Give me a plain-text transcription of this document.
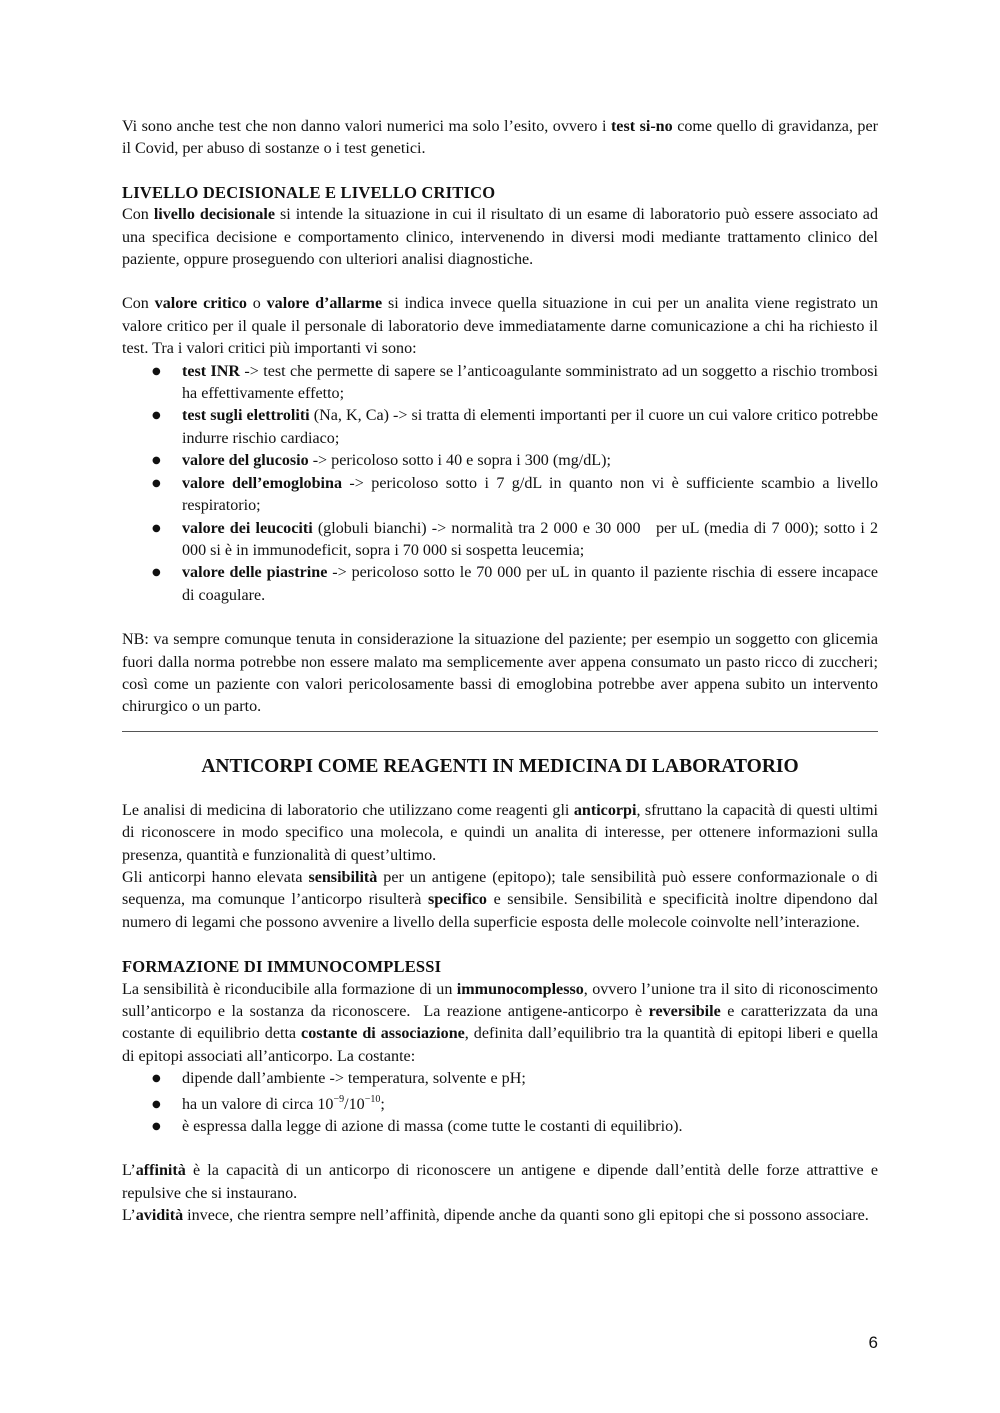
Vi sono anche test che non danno valori numerici ma solo l’esito, ovvero i test si-no come quello di gravidanza, per il Covid, per abuso di sostanze o i test genetici.

LIVELLO DECISIONALE E LIVELLO CRITICO

Con livello decisionale si intende la situazione in cui il risultato di un esame di laboratorio può essere associato ad una specifica decisione e comportamento clinico, intervenendo in diversi modi mediante trattamento clinico del paziente, oppure proseguendo con ulteriori analisi diagnostiche.

Con valore critico o valore d’allarme si indica invece quella situazione in cui per un analita viene registrato un valore critico per il quale il personale di laboratorio deve immediatamente darne comunicazione a chi ha richiesto il test. Tra i valori critici più importanti vi sono:

● test INR -> test che permette di sapere se l’anticoagulante somministrato ad un soggetto a rischio trombosi ha effettivamente effetto;
● test sugli elettroliti (Na, K, Ca) -> si tratta di elementi importanti per il cuore un cui valore critico potrebbe indurre rischio cardiaco;
● valore del glucosio -> pericoloso sotto i 40 e sopra i 300 (mg/dL);
● valore dell’emoglobina -> pericoloso sotto i 7 g/dL in quanto non vi è sufficiente scambio a livello respiratorio;
● valore dei leucociti (globuli bianchi) -> normalità tra 2 000 e 30 000   per uL (media di 7 000); sotto i 2 000 si è in immunodeficit, sopra i 70 000 si sospetta leucemia;
● valore delle piastrine -> pericoloso sotto le 70 000 per uL in quanto il paziente rischia di essere incapace di coagulare.

NB: va sempre comunque tenuta in considerazione la situazione del paziente; per esempio un soggetto con glicemia fuori dalla norma potrebbe non essere malato ma semplicemente aver appena consumato un pasto ricco di zuccheri; così come un paziente con valori pericolosamente bassi di emoglobina potrebbe aver appena subito un intervento chirurgico o un parto.

ANTICORPI COME REAGENTI IN MEDICINA DI LABORATORIO

Le analisi di medicina di laboratorio che utilizzano come reagenti gli anticorpi, sfruttano la capacità di questi ultimi di riconoscere in modo specifico una molecola, e quindi un analita di interesse, per ottenere informazioni sulla presenza, quantità e funzionalità di quest’ultimo.

Gli anticorpi hanno elevata sensibilità per un antigene (epitopo); tale sensibilità può essere conformazionale o di sequenza, ma comunque l’anticorpo risulterà specifico e sensibile. Sensibilità e specificità inoltre dipendono dal numero di legami che possono avvenire a livello della superficie esposta delle molecole coinvolte nell’interazione.

FORMAZIONE DI IMMUNOCOMPLESSI

La sensibilità è riconducibile alla formazione di un immunocomplesso, ovvero l’unione tra il sito di riconoscimento sull’anticorpo e la sostanza da riconoscere.  La reazione antigene-anticorpo è reversibile e caratterizzata da una costante di equilibrio detta costante di associazione, definita dall’equilibrio tra la quantità di epitopi liberi e quella di epitopi associati all’anticorpo. La costante:

● dipende dall’ambiente -> temperatura, solvente e pH;
● ha un valore di circa $10^{-9}/10^{-10}$;
● è espressa dalla legge di azione di massa (come tutte le costanti di equilibrio).

L’affinità è la capacità di un anticorpo di riconoscere un antigene e dipende dall’entità delle forze attrattive e repulsive che si instaurano.

L’avidità invece, che rientra sempre nell’affinità, dipende anche da quanti sono gli epitopi che si possono associare.

6
